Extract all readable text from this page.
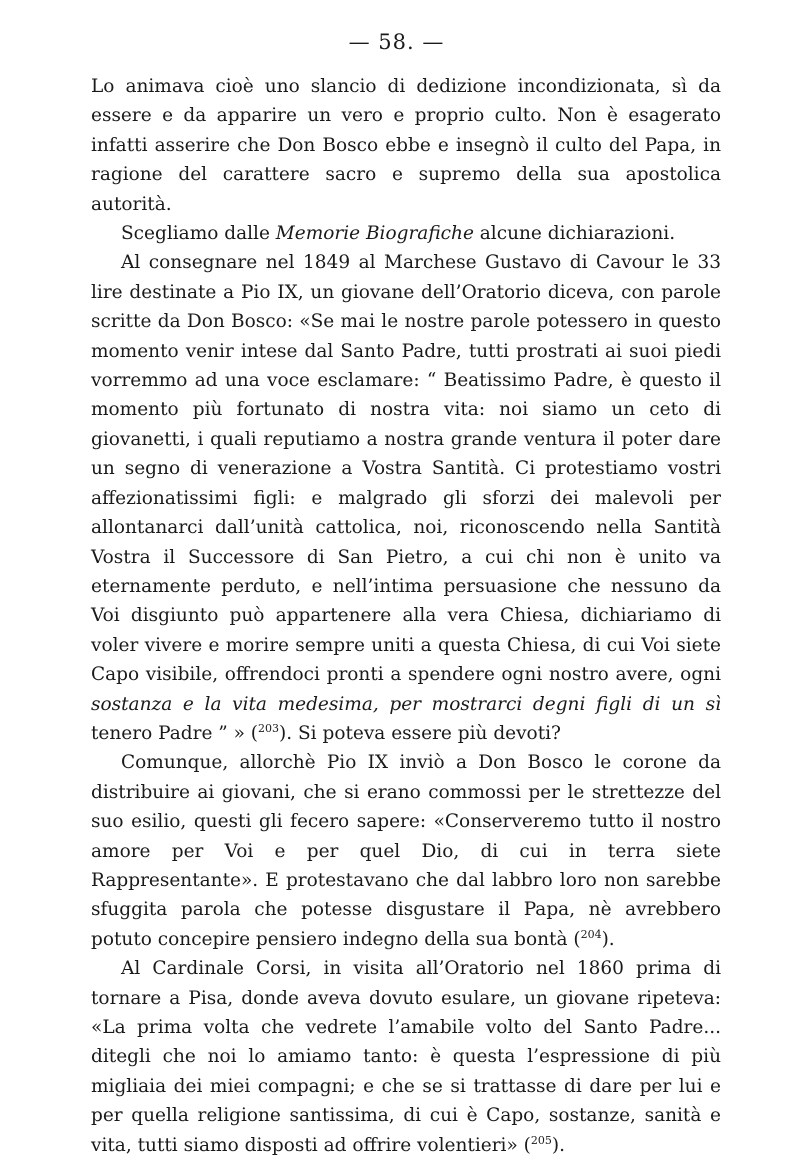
— 58. —

Lo animava cioè uno slancio di dedizione incondizionata, sì da essere e da apparire un vero e proprio culto. Non è esagerato infatti asserire che Don Bosco ebbe e insegnò il culto del Papa, in ragione del carattere sacro e supremo della sua apostolica autorità.

Scegliamo dalle Memorie Biografiche alcune dichiarazioni.

Al consegnare nel 1849 al Marchese Gustavo di Cavour le 33 lire destinate a Pio IX, un giovane dell’Oratorio diceva, con parole scritte da Don Bosco: «Se mai le nostre parole potessero in questo momento venir intese dal Santo Padre, tutti prostrati ai suoi piedi vorremmo ad una voce esclamare: “ Beatissimo Padre, è questo il momento più fortunato di nostra vita: noi siamo un ceto di giovanetti, i quali reputiamo a nostra grande ventura il poter dare un segno di venerazione a Vostra Santità. Ci protestiamo vostri affezionatissimi figli: e malgrado gli sforzi dei malevoli per allontanarci dall’unità cattolica, noi, riconoscendo nella Santità Vostra il Successore di San Pietro, a cui chi non è unito va eternamente perduto, e nell’intima persuasione che nessuno da Voi disgiunto può appartenere alla vera Chiesa, dichiariamo di voler vivere e morire sempre uniti a questa Chiesa, di cui Voi siete Capo visibile, offrendoci pronti a spendere ogni nostro avere, ogni sostanza e la vita medesima, per mostrarci degni figli di un sì tenero Padre ” » ($^{203}$). Si poteva essere più devoti?

Comunque, allorchè Pio IX inviò a Don Bosco le corone da distribuire ai giovani, che si erano commossi per le strettezze del suo esilio, questi gli fecero sapere: «Conserveremo tutto il nostro amore per Voi e per quel Dio, di cui in terra siete Rappresentante». E protestavano che dal labbro loro non sarebbe sfuggita parola che potesse disgustare il Papa, nè avrebbero potuto concepire pensiero indegno della sua bontà ($^{204}$).

Al Cardinale Corsi, in visita all’Oratorio nel 1860 prima di tornare a Pisa, donde aveva dovuto esulare, un giovane ripeteva: «La prima volta che vedrete l’amabile volto del Santo Padre... ditegli che noi lo amiamo tanto: è questa l’espressione di più migliaia dei miei compagni; e che se si trattasse di dare per lui e per quella religione santissima, di cui è Capo, sostanze, sanità e vita, tutti siamo disposti ad offrire volentieri» ($^{205}$).
